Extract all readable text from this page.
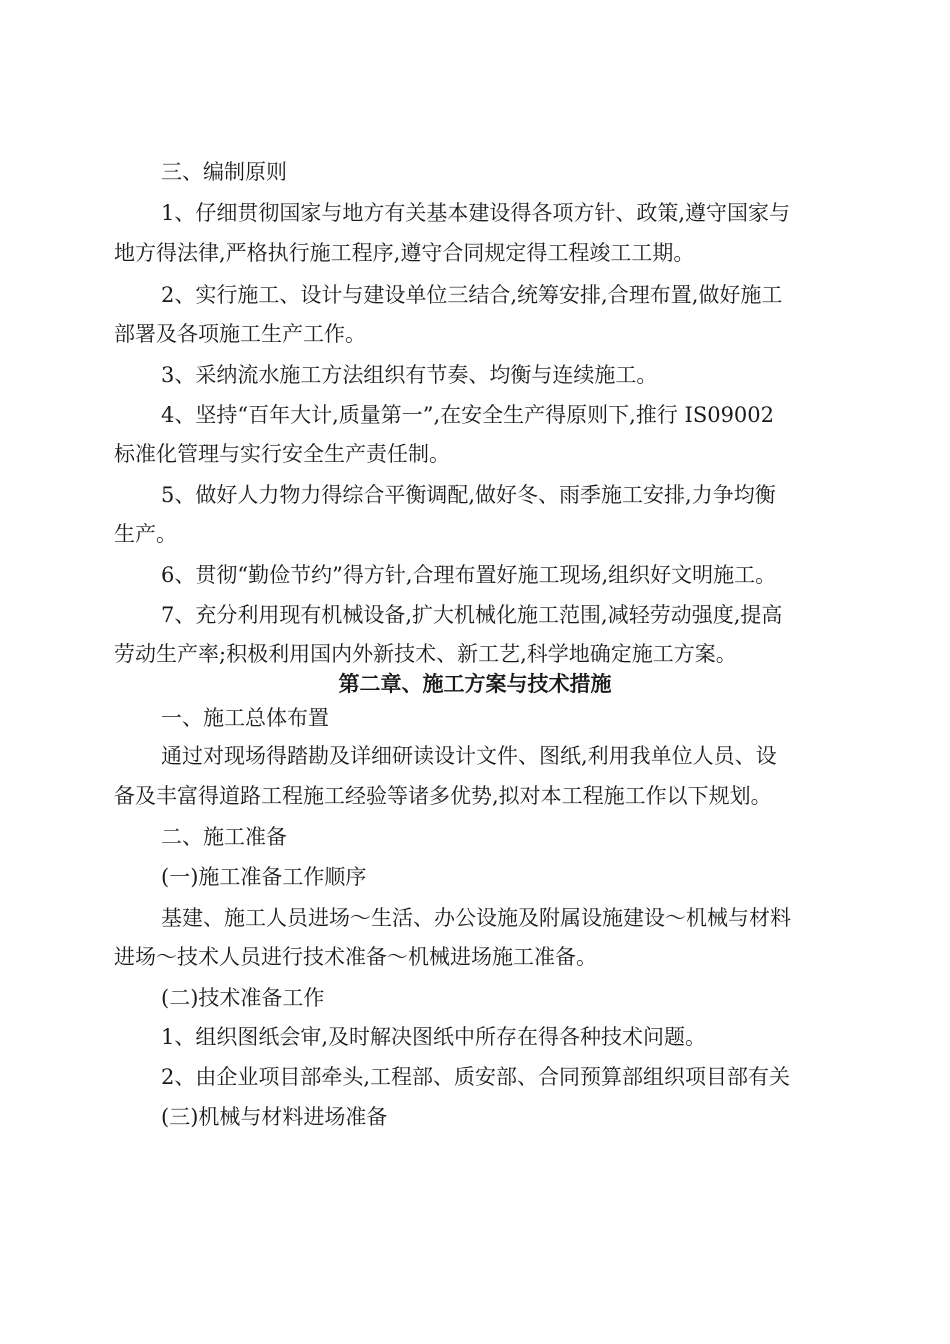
三、编制原则
1、仔细贯彻国家与地方有关基本建设得各项方针、政策,遵守国家与
地方得法律,严格执行施工程序,遵守合同规定得工程竣工工期。
2、实行施工、设计与建设单位三结合,统筹安排,合理布置,做好施工
部署及各项施工生产工作。
3、采纳流水施工方法组织有节奏、均衡与连续施工。
4、坚持“百年大计,质量第一”,在安全生产得原则下,推行 IS09002
标准化管理与实行安全生产责任制。
5、做好人力物力得综合平衡调配,做好冬、雨季施工安排,力争均衡
生产。
6、贯彻“勤俭节约”得方针,合理布置好施工现场,组织好文明施工。
7、充分利用现有机械设备,扩大机械化施工范围,减轻劳动强度,提高
劳动生产率;积极利用国内外新技术、新工艺,科学地确定施工方案。
第二章、施工方案与技术措施
一、施工总体布置
通过对现场得踏勘及详细研读设计文件、图纸,利用我单位人员、设
备及丰富得道路工程施工经验等诸多优势,拟对本工程施工作以下规划。
二、施工准备
(一)施工准备工作顺序
基建、施工人员进场～生活、办公设施及附属设施建设～机械与材料
进场～技术人员进行技术准备～机械进场施工准备。
(二)技术准备工作
1、组织图纸会审,及时解决图纸中所存在得各种技术问题。
2、由企业项目部牵头,工程部、质安部、合同预算部组织项目部有关
(三)机械与材料进场准备
